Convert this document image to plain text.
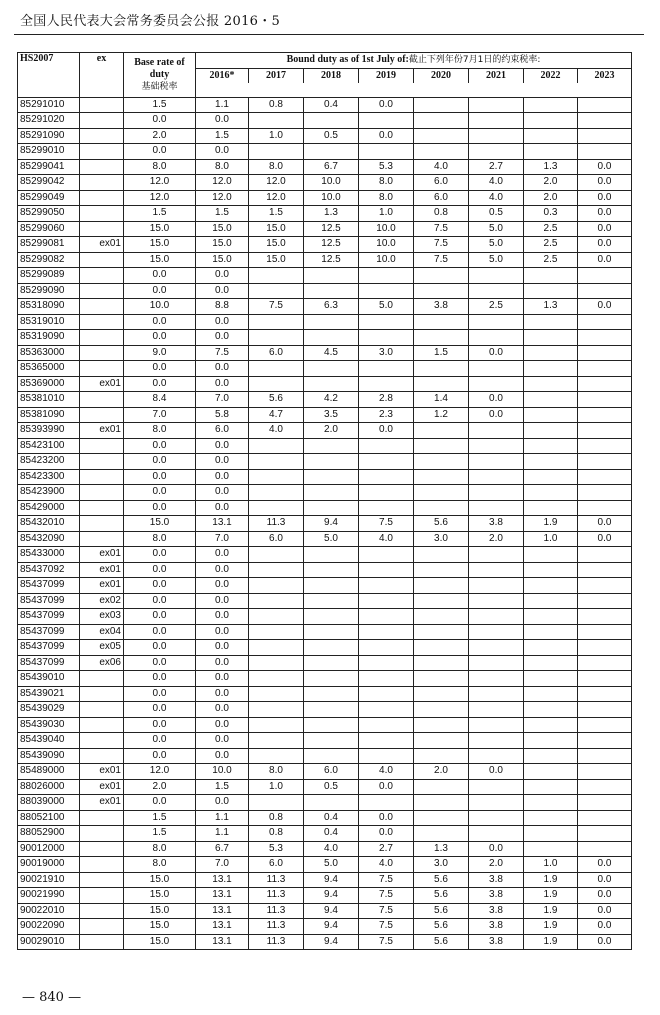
全国人民代表大会常务委员会公报 2016・5
HS2007	ex	Base rate of
duty
基础税率	Bound duty as of 1st July of:截止下列年份7月1日的约束税率:							
			2016*	2017	2018	2019	2020	2021	2022	2023

85291010		1.5	1.1	0.8	0.4	0.0				
85291020		0.0	0.0							
85291090		2.0	1.5	1.0	0.5	0.0				
85299010		0.0	0.0							
85299041		8.0	8.0	8.0	6.7	5.3	4.0	2.7	1.3	0.0
85299042		12.0	12.0	12.0	10.0	8.0	6.0	4.0	2.0	0.0
85299049		12.0	12.0	12.0	10.0	8.0	6.0	4.0	2.0	0.0
85299050		1.5	1.5	1.5	1.3	1.0	0.8	0.5	0.3	0.0
85299060		15.0	15.0	15.0	12.5	10.0	7.5	5.0	2.5	0.0
85299081	ex01	15.0	15.0	15.0	12.5	10.0	7.5	5.0	2.5	0.0
85299082		15.0	15.0	15.0	12.5	10.0	7.5	5.0	2.5	0.0
85299089		0.0	0.0							
85299090		0.0	0.0							
85318090		10.0	8.8	7.5	6.3	5.0	3.8	2.5	1.3	0.0
85319010		0.0	0.0							
85319090		0.0	0.0							
85363000		9.0	7.5	6.0	4.5	3.0	1.5	0.0		
85365000		0.0	0.0							
85369000	ex01	0.0	0.0							
85381010		8.4	7.0	5.6	4.2	2.8	1.4	0.0		
85381090		7.0	5.8	4.7	3.5	2.3	1.2	0.0		
85393990	ex01	8.0	6.0	4.0	2.0	0.0				
85423100		0.0	0.0							
85423200		0.0	0.0							
85423300		0.0	0.0							
85423900		0.0	0.0							
85429000		0.0	0.0							
85432010		15.0	13.1	11.3	9.4	7.5	5.6	3.8	1.9	0.0
85432090		8.0	7.0	6.0	5.0	4.0	3.0	2.0	1.0	0.0
85433000	ex01	0.0	0.0							
85437092	ex01	0.0	0.0							
85437099	ex01	0.0	0.0							
85437099	ex02	0.0	0.0							
85437099	ex03	0.0	0.0							
85437099	ex04	0.0	0.0							
85437099	ex05	0.0	0.0							
85437099	ex06	0.0	0.0							
85439010		0.0	0.0							
85439021		0.0	0.0							
85439029		0.0	0.0							
85439030		0.0	0.0							
85439040		0.0	0.0							
85439090		0.0	0.0							
85489000	ex01	12.0	10.0	8.0	6.0	4.0	2.0	0.0		
88026000	ex01	2.0	1.5	1.0	0.5	0.0				
88039000	ex01	0.0	0.0							
88052100		1.5	1.1	0.8	0.4	0.0				
88052900		1.5	1.1	0.8	0.4	0.0				
90012000		8.0	6.7	5.3	4.0	2.7	1.3	0.0		
90019000		8.0	7.0	6.0	5.0	4.0	3.0	2.0	1.0	0.0
90021910		15.0	13.1	11.3	9.4	7.5	5.6	3.8	1.9	0.0
90021990		15.0	13.1	11.3	9.4	7.5	5.6	3.8	1.9	0.0
90022010		15.0	13.1	11.3	9.4	7.5	5.6	3.8	1.9	0.0
90022090		15.0	13.1	11.3	9.4	7.5	5.6	3.8	1.9	0.0
90029010		15.0	13.1	11.3	9.4	7.5	5.6	3.8	1.9	0.0
— 840 —
